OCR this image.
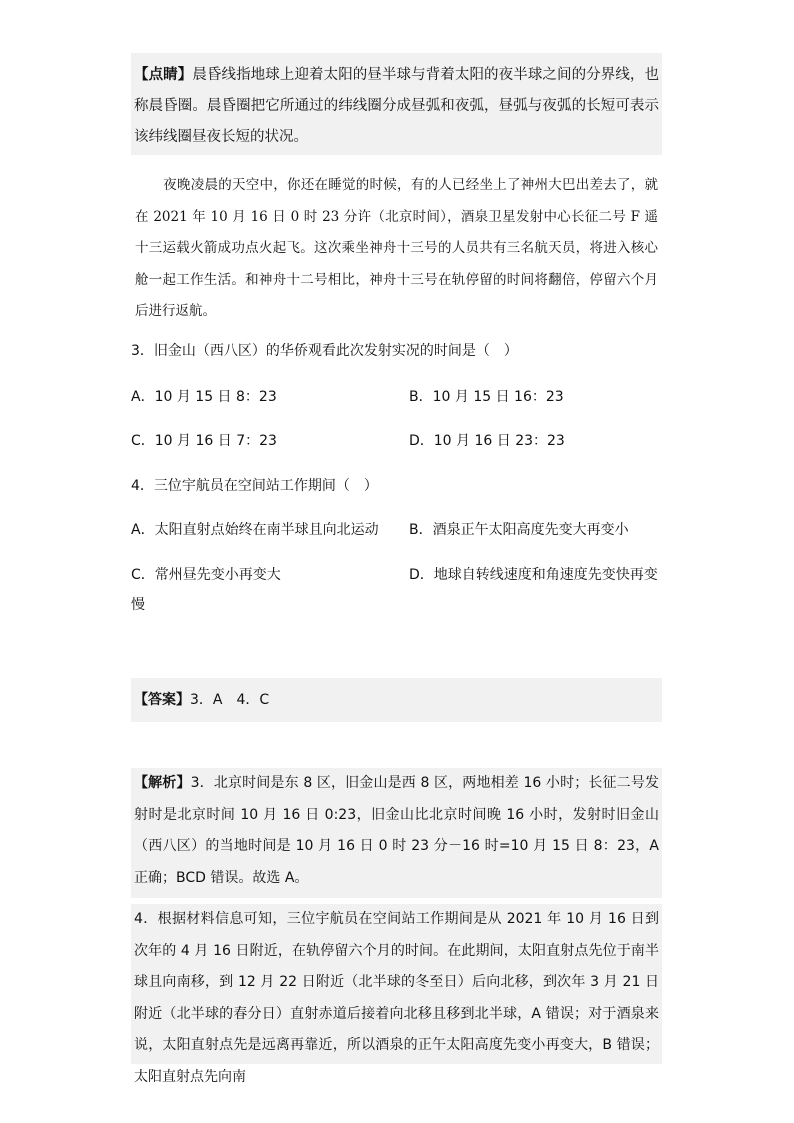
【点睛】晨昏线指地球上迎着太阳的昼半球与背着太阳的夜半球之间的分界线，也称晨昏圈。晨昏圈把它所通过的纬线圈分成昼弧和夜弧，昼弧与夜弧的长短可表示该纬线圈昼夜长短的状况。
夜晚凌晨的天空中，你还在睡觉的时候，有的人已经坐上了神州大巴出差去了，就在 2021 年 10 月 16 日 0 时 23 分许（北京时间），酒泉卫星发射中心长征二号 F 遥十三运载火箭成功点火起飞。这次乘坐神舟十三号的人员共有三名航天员，将进入核心舱一起工作生活。和神舟十二号相比，神舟十三号在轨停留的时间将翻倍，停留六个月后进行返航。
3．旧金山（西八区）的华侨观看此次发射实况的时间是（　）
A．10 月 15 日 8：23	B．10 月 15 日 16：23
C．10 月 16 日 7：23	D．10 月 16 日 23：23
4．三位宇航员在空间站工作期间（　）
A．太阳直射点始终在南半球且向北运动 B．酒泉正午太阳高度先变大再变小
C．常州昼先变小再变大	D．地球自转线速度和角速度先变快再变
慢
【答案】3．A　4．C
【解析】3．北京时间是东 8 区，旧金山是西 8 区，两地相差 16 小时；长征二号发射时是北京时间 10 月 16 日 0:23，旧金山比北京时间晚 16 小时，发射时旧金山（西八区）的当地时间是 10 月 16 日 0 时 23 分－16 时=10 月 15 日 8：23，A 正确；BCD 错误。故选 A。
4．根据材料信息可知，三位宇航员在空间站工作期间是从 2021 年 10 月 16 日到次年的 4 月 16 日附近，在轨停留六个月的时间。在此期间，太阳直射点先位于南半球且向南移，到 12 月 22 日附近（北半球的冬至日）后向北移，到次年 3 月 21 日附近（北半球的春分日）直射赤道后接着向北移且移到北半球，A 错误；对于酒泉来说，太阳直射点先是远离再靠近，所以酒泉的正午太阳高度先变小再变大，B 错误；太阳直射点先向南
